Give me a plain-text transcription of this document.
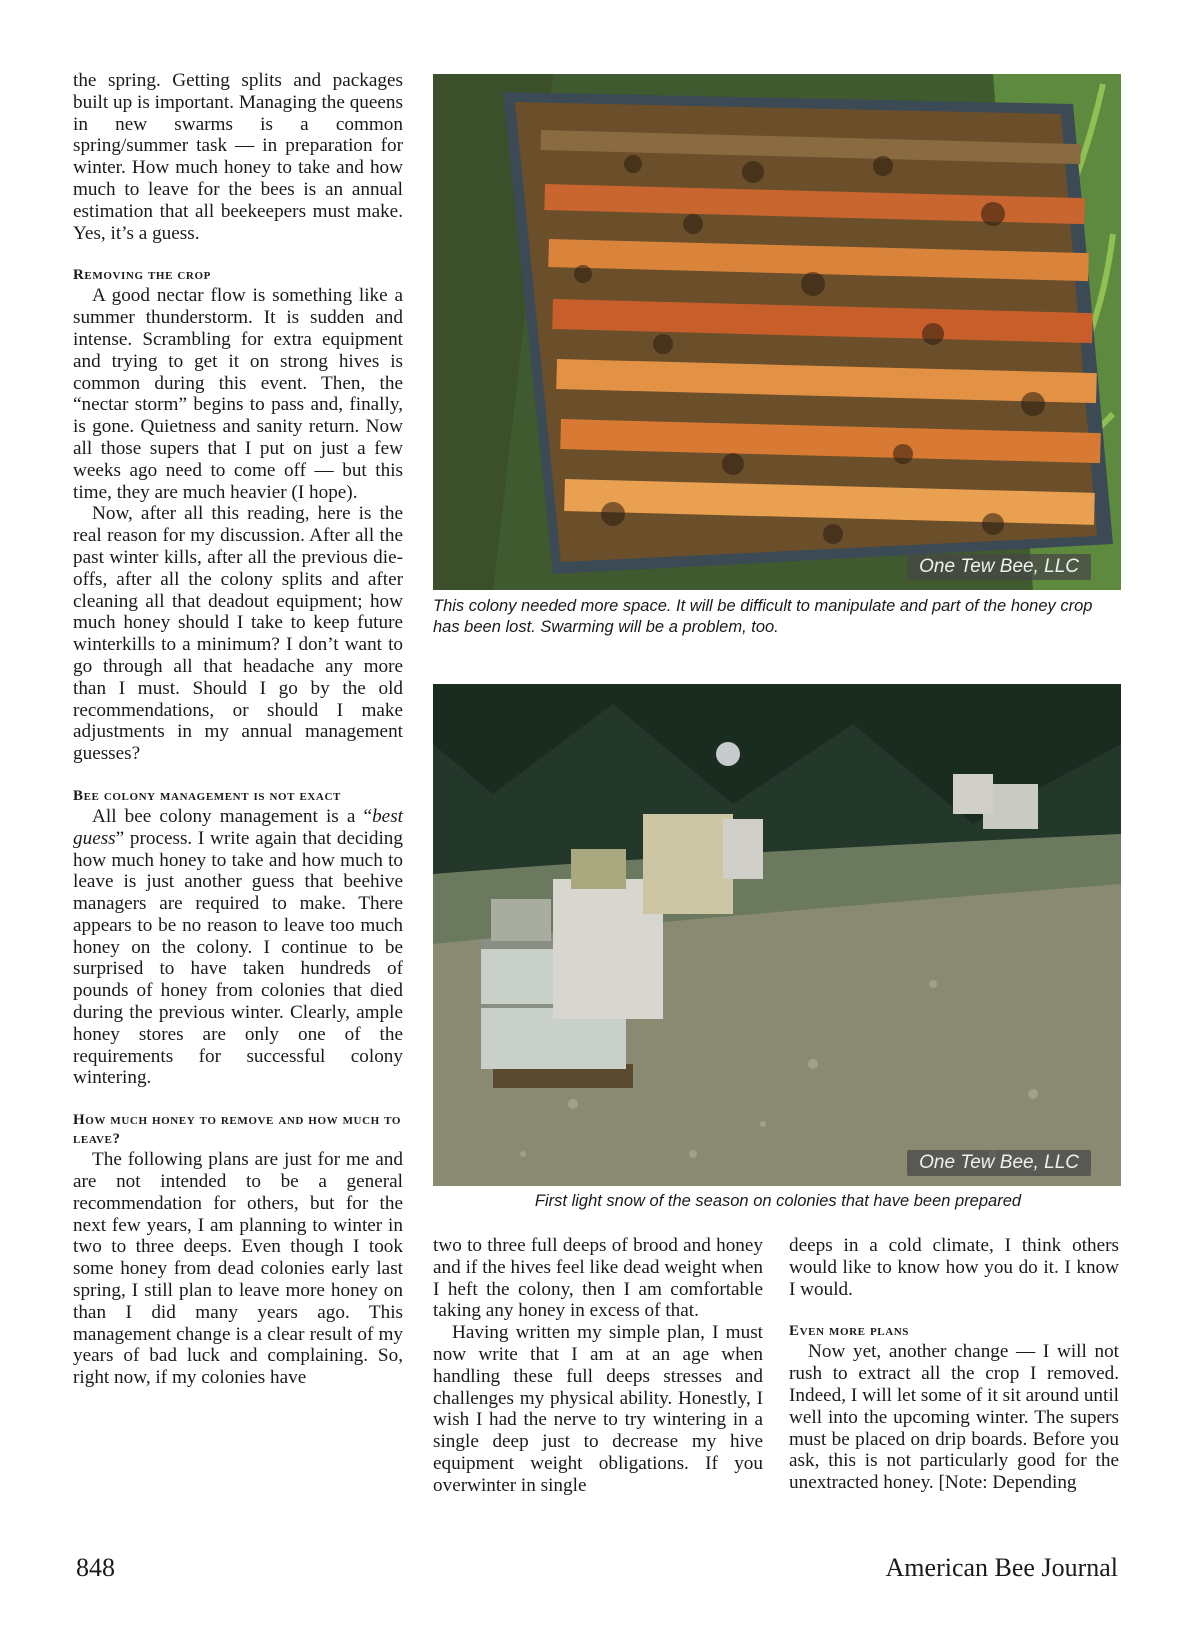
the spring. Getting splits and packages built up is important. Managing the queens in new swarms is a common spring/summer task — in preparation for winter. How much honey to take and how much to leave for the bees is an annual estimation that all beekeepers must make. Yes, it’s a guess.

Removing the crop

A good nectar flow is something like a summer thunderstorm. It is sudden and intense. Scrambling for extra equipment and trying to get it on strong hives is common during this event. Then, the “nectar storm” begins to pass and, finally, is gone. Quietness and sanity return. Now all those supers that I put on just a few weeks ago need to come off — but this time, they are much heavier (I hope).

Now, after all this reading, here is the real reason for my discussion. After all the past winter kills, after all the previous die-offs, after all the colony splits and after cleaning all that deadout equipment; how much honey should I take to keep future winterkills to a minimum? I don’t want to go through all that headache any more than I must. Should I go by the old recommendations, or should I make adjustments in my annual management guesses?

Bee colony management is not exact

All bee colony management is a “best guess” process. I write again that deciding how much honey to take and how much to leave is just another guess that beehive managers are required to make. There appears to be no reason to leave too much honey on the colony. I continue to be surprised to have taken hundreds of pounds of honey from colonies that died during the previous winter. Clearly, ample honey stores are only one of the requirements for successful colony wintering.

How much honey to remove and how much to leave?

The following plans are just for me and are not intended to be a general recommendation for others, but for the next few years, I am planning to winter in two to three deeps. Even though I took some honey from dead colonies early last spring, I still plan to leave more honey on than I did many years ago. This management change is a clear result of my years of bad luck and complaining. So, right now, if my colonies have

One Tew Bee, LLC
This colony needed more space. It will be difficult to manipulate and part of the honey crop has been lost. Swarming will be a problem, too.
One Tew Bee, LLC
First light snow of the season on colonies that have been prepared

two to three full deeps of brood and honey and if the hives feel like dead weight when I heft the colony, then I am comfortable taking any honey in excess of that.

Having written my simple plan, I must now write that I am at an age when handling these full deeps stresses and challenges my physical ability. Honestly, I wish I had the nerve to try wintering in a single deep just to decrease my hive equipment weight obligations. If you overwinter in single

deeps in a cold climate, I think others would like to know how you do it. I know I would.

Even more plans

Now yet, another change — I will not rush to extract all the crop I removed. Indeed, I will let some of it sit around until well into the upcoming winter. The supers must be placed on drip boards. Before you ask, this is not particularly good for the unextracted honey. [Note: Depending

848	American Bee Journal
